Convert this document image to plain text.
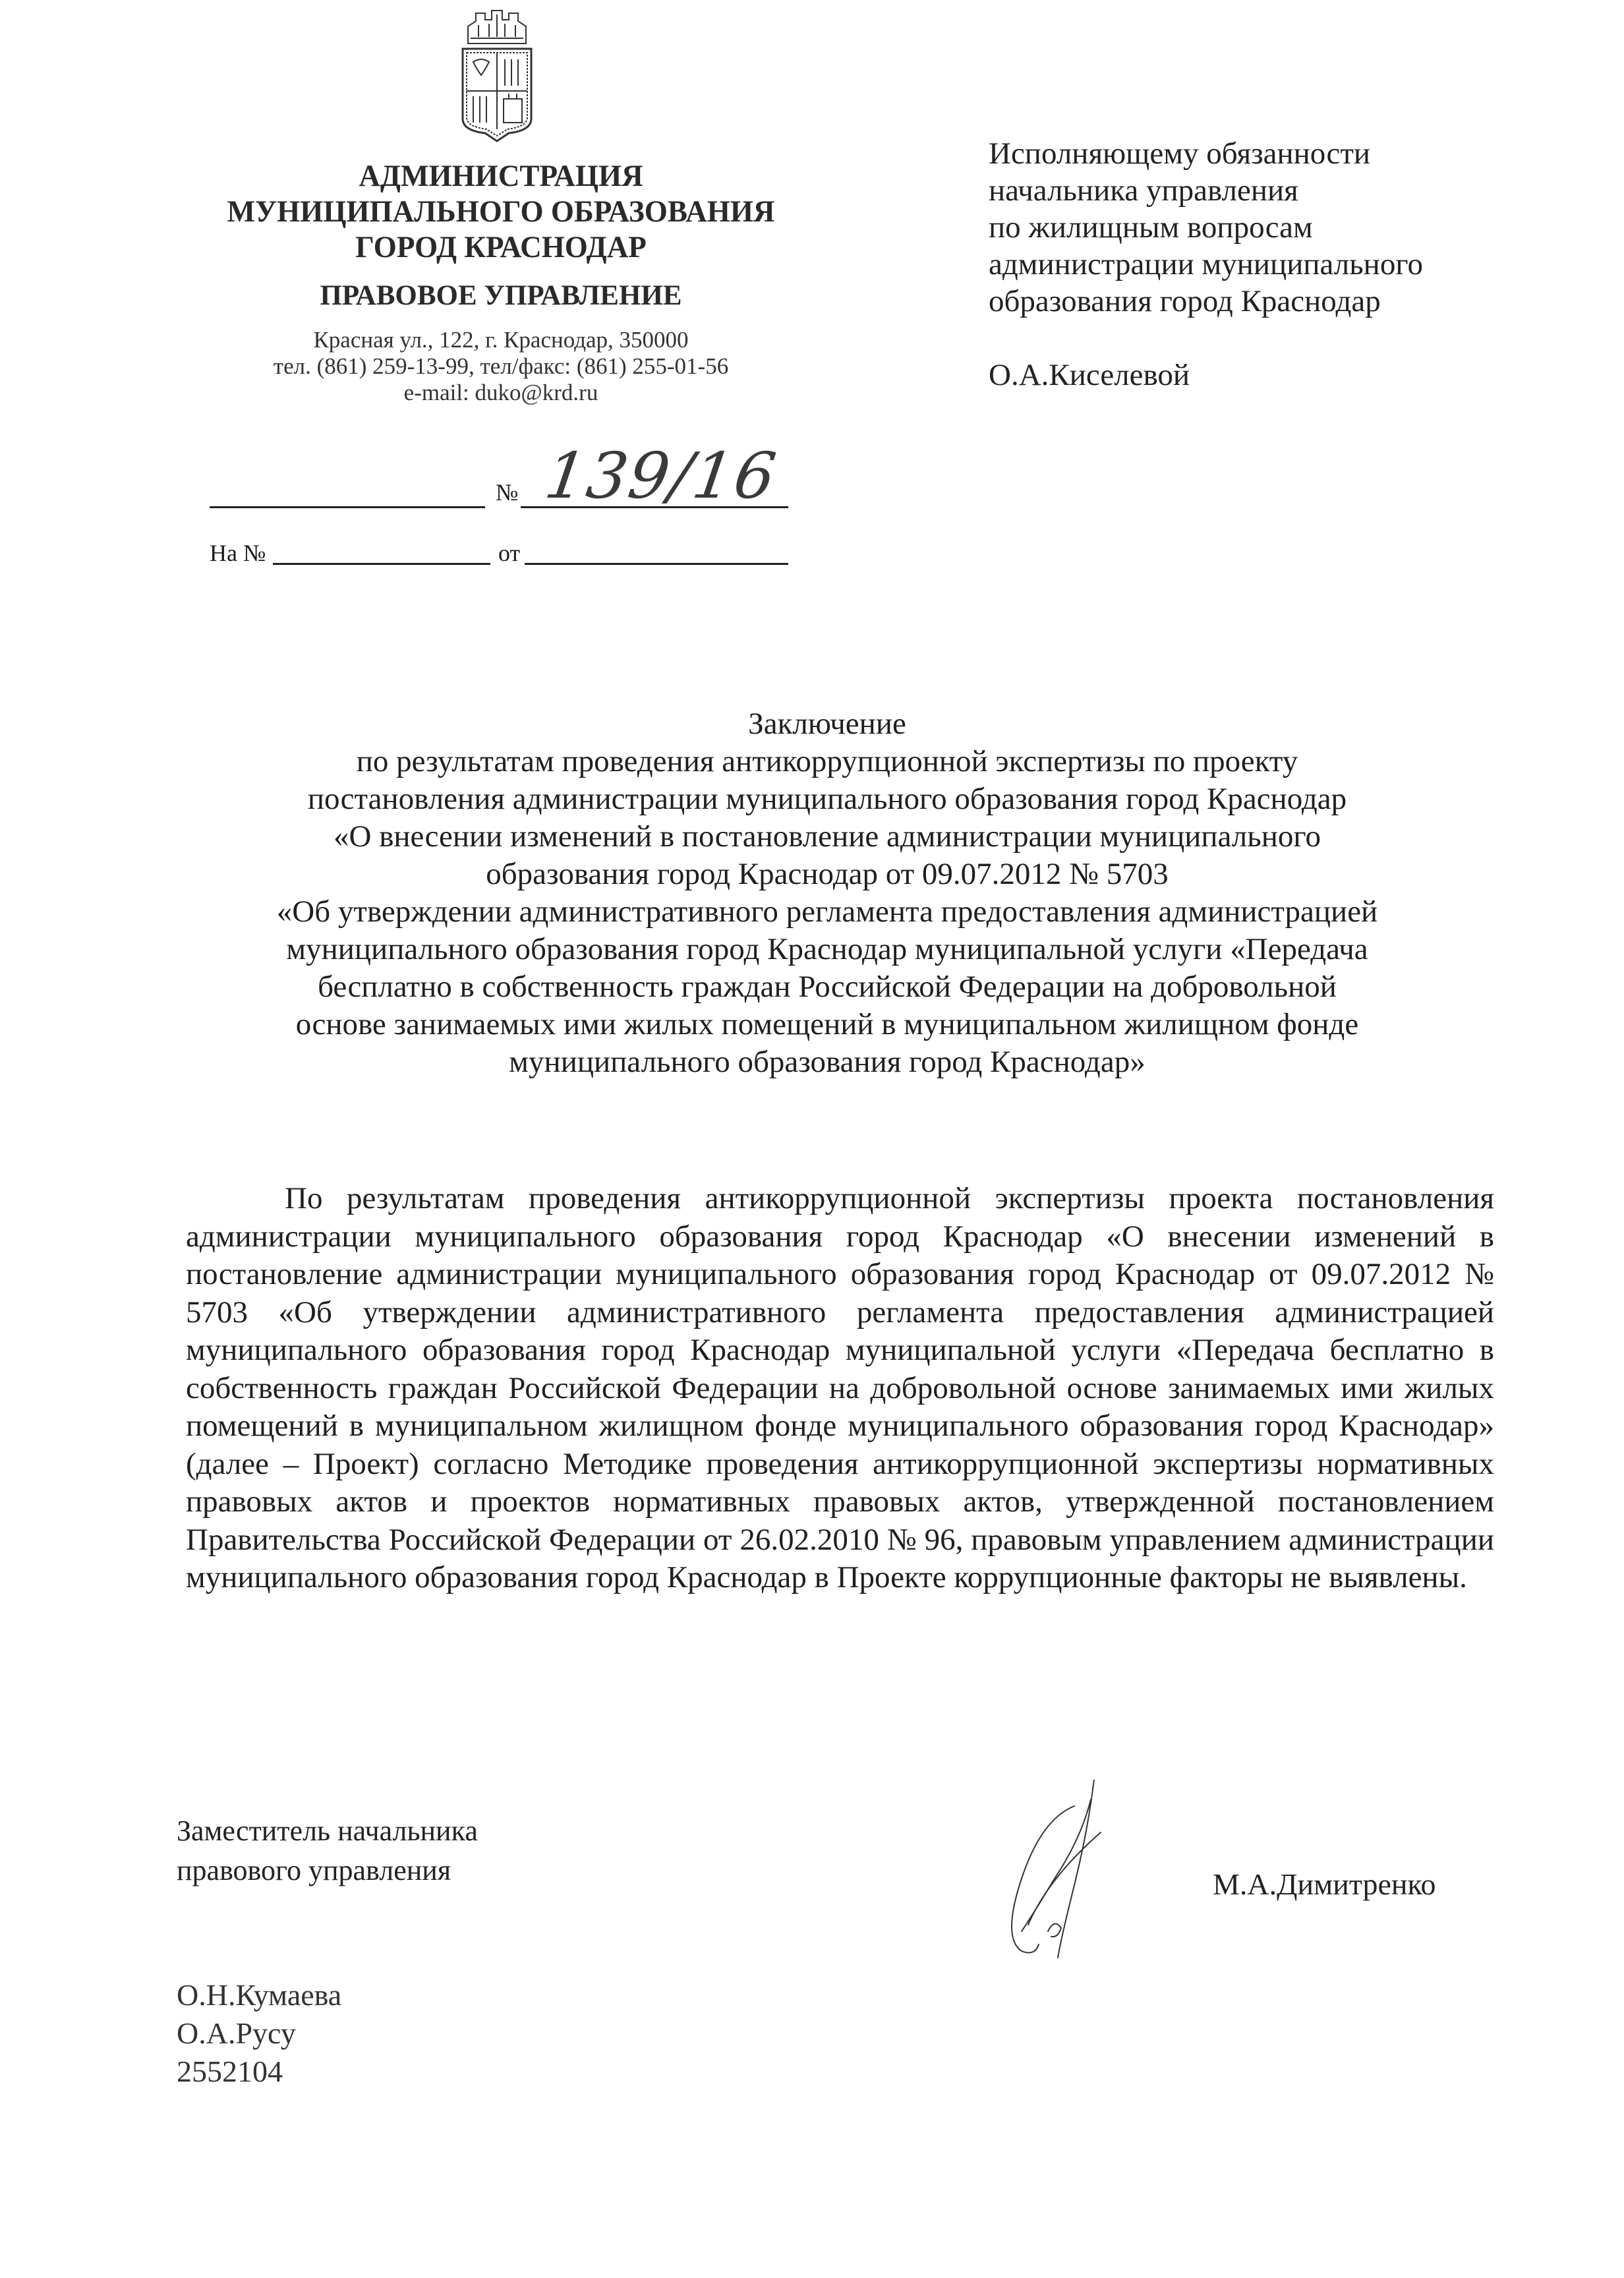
АДМИНИСТРАЦИЯ
МУНИЦИПАЛЬНОГО ОБРАЗОВАНИЯ
ГОРОД КРАСНОДАР
ПРАВОВОЕ УПРАВЛЕНИЕ
Красная ул., 122, г. Краснодар, 350000
тел. (861) 259-13-99, тел/факс: (861) 255-01-56
e-mail: duko@krd.ru
№ 139/16
На №	от
Исполняющему обязанности
начальника управления
по жилищным вопросам
администрации муниципального
образования город Краснодар
О.А.Киселевой
Заключение
по результатам проведения антикоррупционной экспертизы по проекту
постановления администрации муниципального образования город Краснодар
«О внесении изменений в постановление администрации муниципального
образования город Краснодар от 09.07.2012 № 5703
«Об утверждении административного регламента предоставления администрацией
муниципального образования город Краснодар муниципальной услуги «Передача
бесплатно в собственность граждан Российской Федерации на добровольной
основе занимаемых ими жилых помещений в муниципальном жилищном фонде
муниципального образования город Краснодар»
По результатам проведения антикоррупционной экспертизы проекта постановления администрации муниципального образования город Краснодар «О внесении изменений в постановление администрации муниципального образования город Краснодар от 09.07.2012 № 5703 «Об утверждении административного регламента предоставления администрацией муниципального образования город Краснодар муниципальной услуги «Передача бесплатно в собственность граждан Российской Федерации на добровольной основе занимаемых ими жилых помещений в муниципальном жилищном фонде муниципального образования город Краснодар» (далее – Проект) согласно Методике проведения антикоррупционной экспертизы нормативных правовых актов и проектов нормативных правовых актов, утвержденной постановлением Правительства Российской Федерации от 26.02.2010 № 96, правовым управлением администрации муниципального образования город Краснодар в Проекте коррупционные факторы не выявлены.
Заместитель начальника
правового управления	М.А.Димитренко
О.Н.Кумаева
О.А.Русу
2552104
